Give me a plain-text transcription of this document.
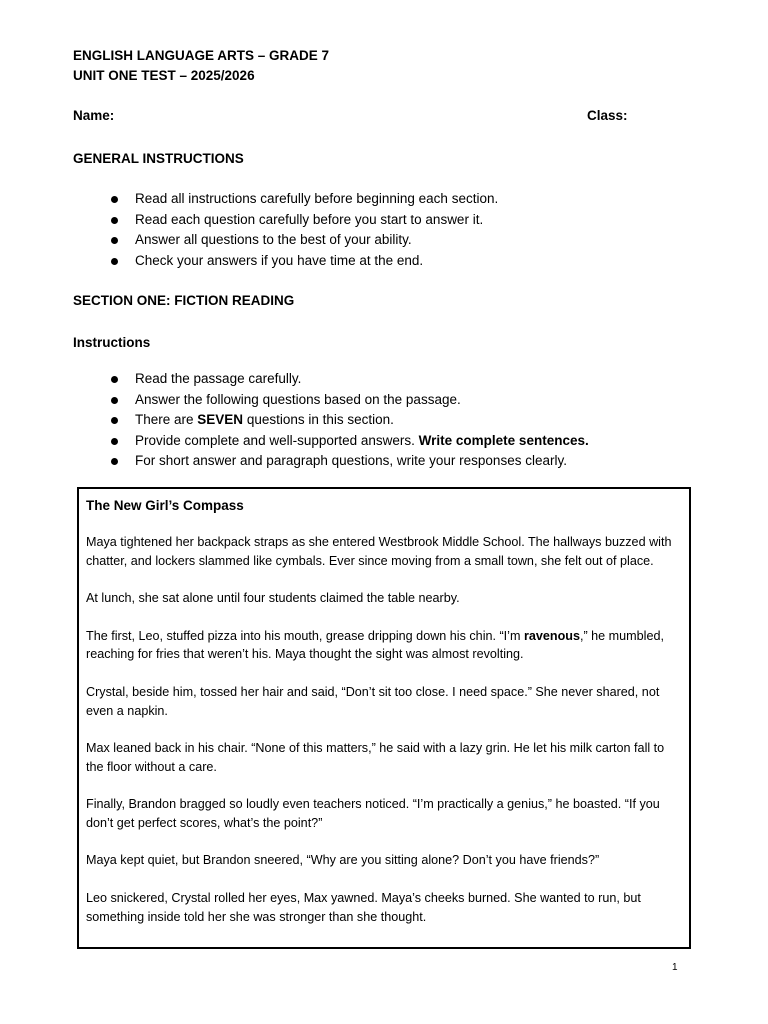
ENGLISH LANGUAGE ARTS – GRADE 7
UNIT ONE TEST – 2025/2026
Name:	Class:
GENERAL INSTRUCTIONS
Read all instructions carefully before beginning each section.
Read each question carefully before you start to answer it.
Answer all questions to the best of your ability.
Check your answers if you have time at the end.
SECTION ONE: FICTION READING
Instructions
Read the passage carefully.
Answer the following questions based on the passage.
There are SEVEN questions in this section.
Provide complete and well-supported answers. Write complete sentences.
For short answer and paragraph questions, write your responses clearly.
The New Girl’s Compass

Maya tightened her backpack straps as she entered Westbrook Middle School. The hallways buzzed with chatter, and lockers slammed like cymbals. Ever since moving from a small town, she felt out of place.

At lunch, she sat alone until four students claimed the table nearby.

The first, Leo, stuffed pizza into his mouth, grease dripping down his chin. “I’m ravenous,” he mumbled, reaching for fries that weren’t his. Maya thought the sight was almost revolting.

Crystal, beside him, tossed her hair and said, “Don’t sit too close. I need space.” She never shared, not even a napkin.

Max leaned back in his chair. “None of this matters,” he said with a lazy grin. He let his milk carton fall to the floor without a care.

Finally, Brandon bragged so loudly even teachers noticed. “I’m practically a genius,” he boasted. “If you don’t get perfect scores, what’s the point?”

Maya kept quiet, but Brandon sneered, “Why are you sitting alone? Don’t you have friends?”

Leo snickered, Crystal rolled her eyes, Max yawned. Maya’s cheeks burned. She wanted to run, but something inside told her she was stronger than she thought.

1
